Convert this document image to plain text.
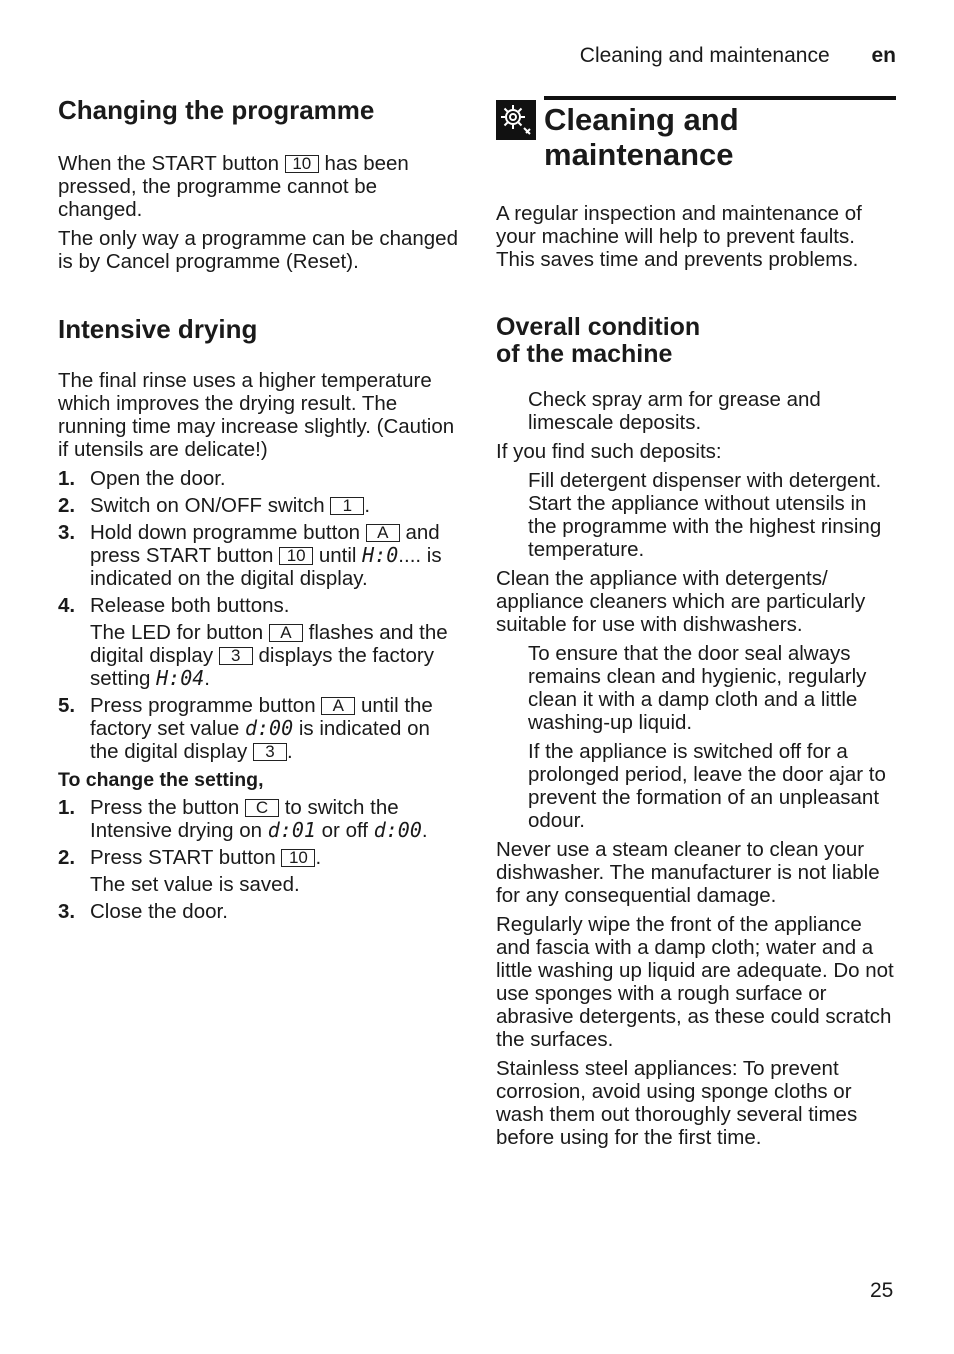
Cleaning and maintenance en
Changing the programme

When the START button 10 has been pressed, the programme cannot be changed.

The only way a programme can be changed is by Cancel programme (Reset).

Intensive drying

The final rinse uses a higher temperature which improves the drying result. The running time may increase slightly. (Caution if utensils are delicate!)

1. Open the door.
2. Switch on ON/OFF switch 1 .
3. Hold down programme button A and press START button 10 until H:0.... is indicated on the digital display.
4. Release both buttons.
The LED for button A flashes and the digital display 3 displays the factory setting H:04.
5. Press programme button A until the factory set value d:00 is indicated on the digital display 3 .
To change the setting,
1. Press the button C to switch the Intensive drying on d:01 or off d:00.
2. Press START button 10 .
The set value is saved.
3. Close the door.
Cleaning and
maintenance

A regular inspection and maintenance of your machine will help to prevent faults. This saves time and prevents problems.

Overall condition
of the machine

Check spray arm for grease and limescale deposits.

If you find such deposits:

Fill detergent dispenser with detergent. Start the appliance without utensils in the programme with the highest rinsing temperature.

Clean the appliance with detergents/ appliance cleaners which are particularly suitable for use with dishwashers.

To ensure that the door seal always remains clean and hygienic, regularly clean it with a damp cloth and a little washing-up liquid.

If the appliance is switched off for a prolonged period, leave the door ajar to prevent the formation of an unpleasant odour.

Never use a steam cleaner to clean your dishwasher. The manufacturer is not liable for any consequential damage.

Regularly wipe the front of the appliance and fascia with a damp cloth; water and a little washing up liquid are adequate. Do not use sponges with a rough surface or abrasive detergents, as these could scratch the surfaces.

Stainless steel appliances: To prevent corrosion, avoid using sponge cloths or wash them out thoroughly several times before using for the first time.

25
